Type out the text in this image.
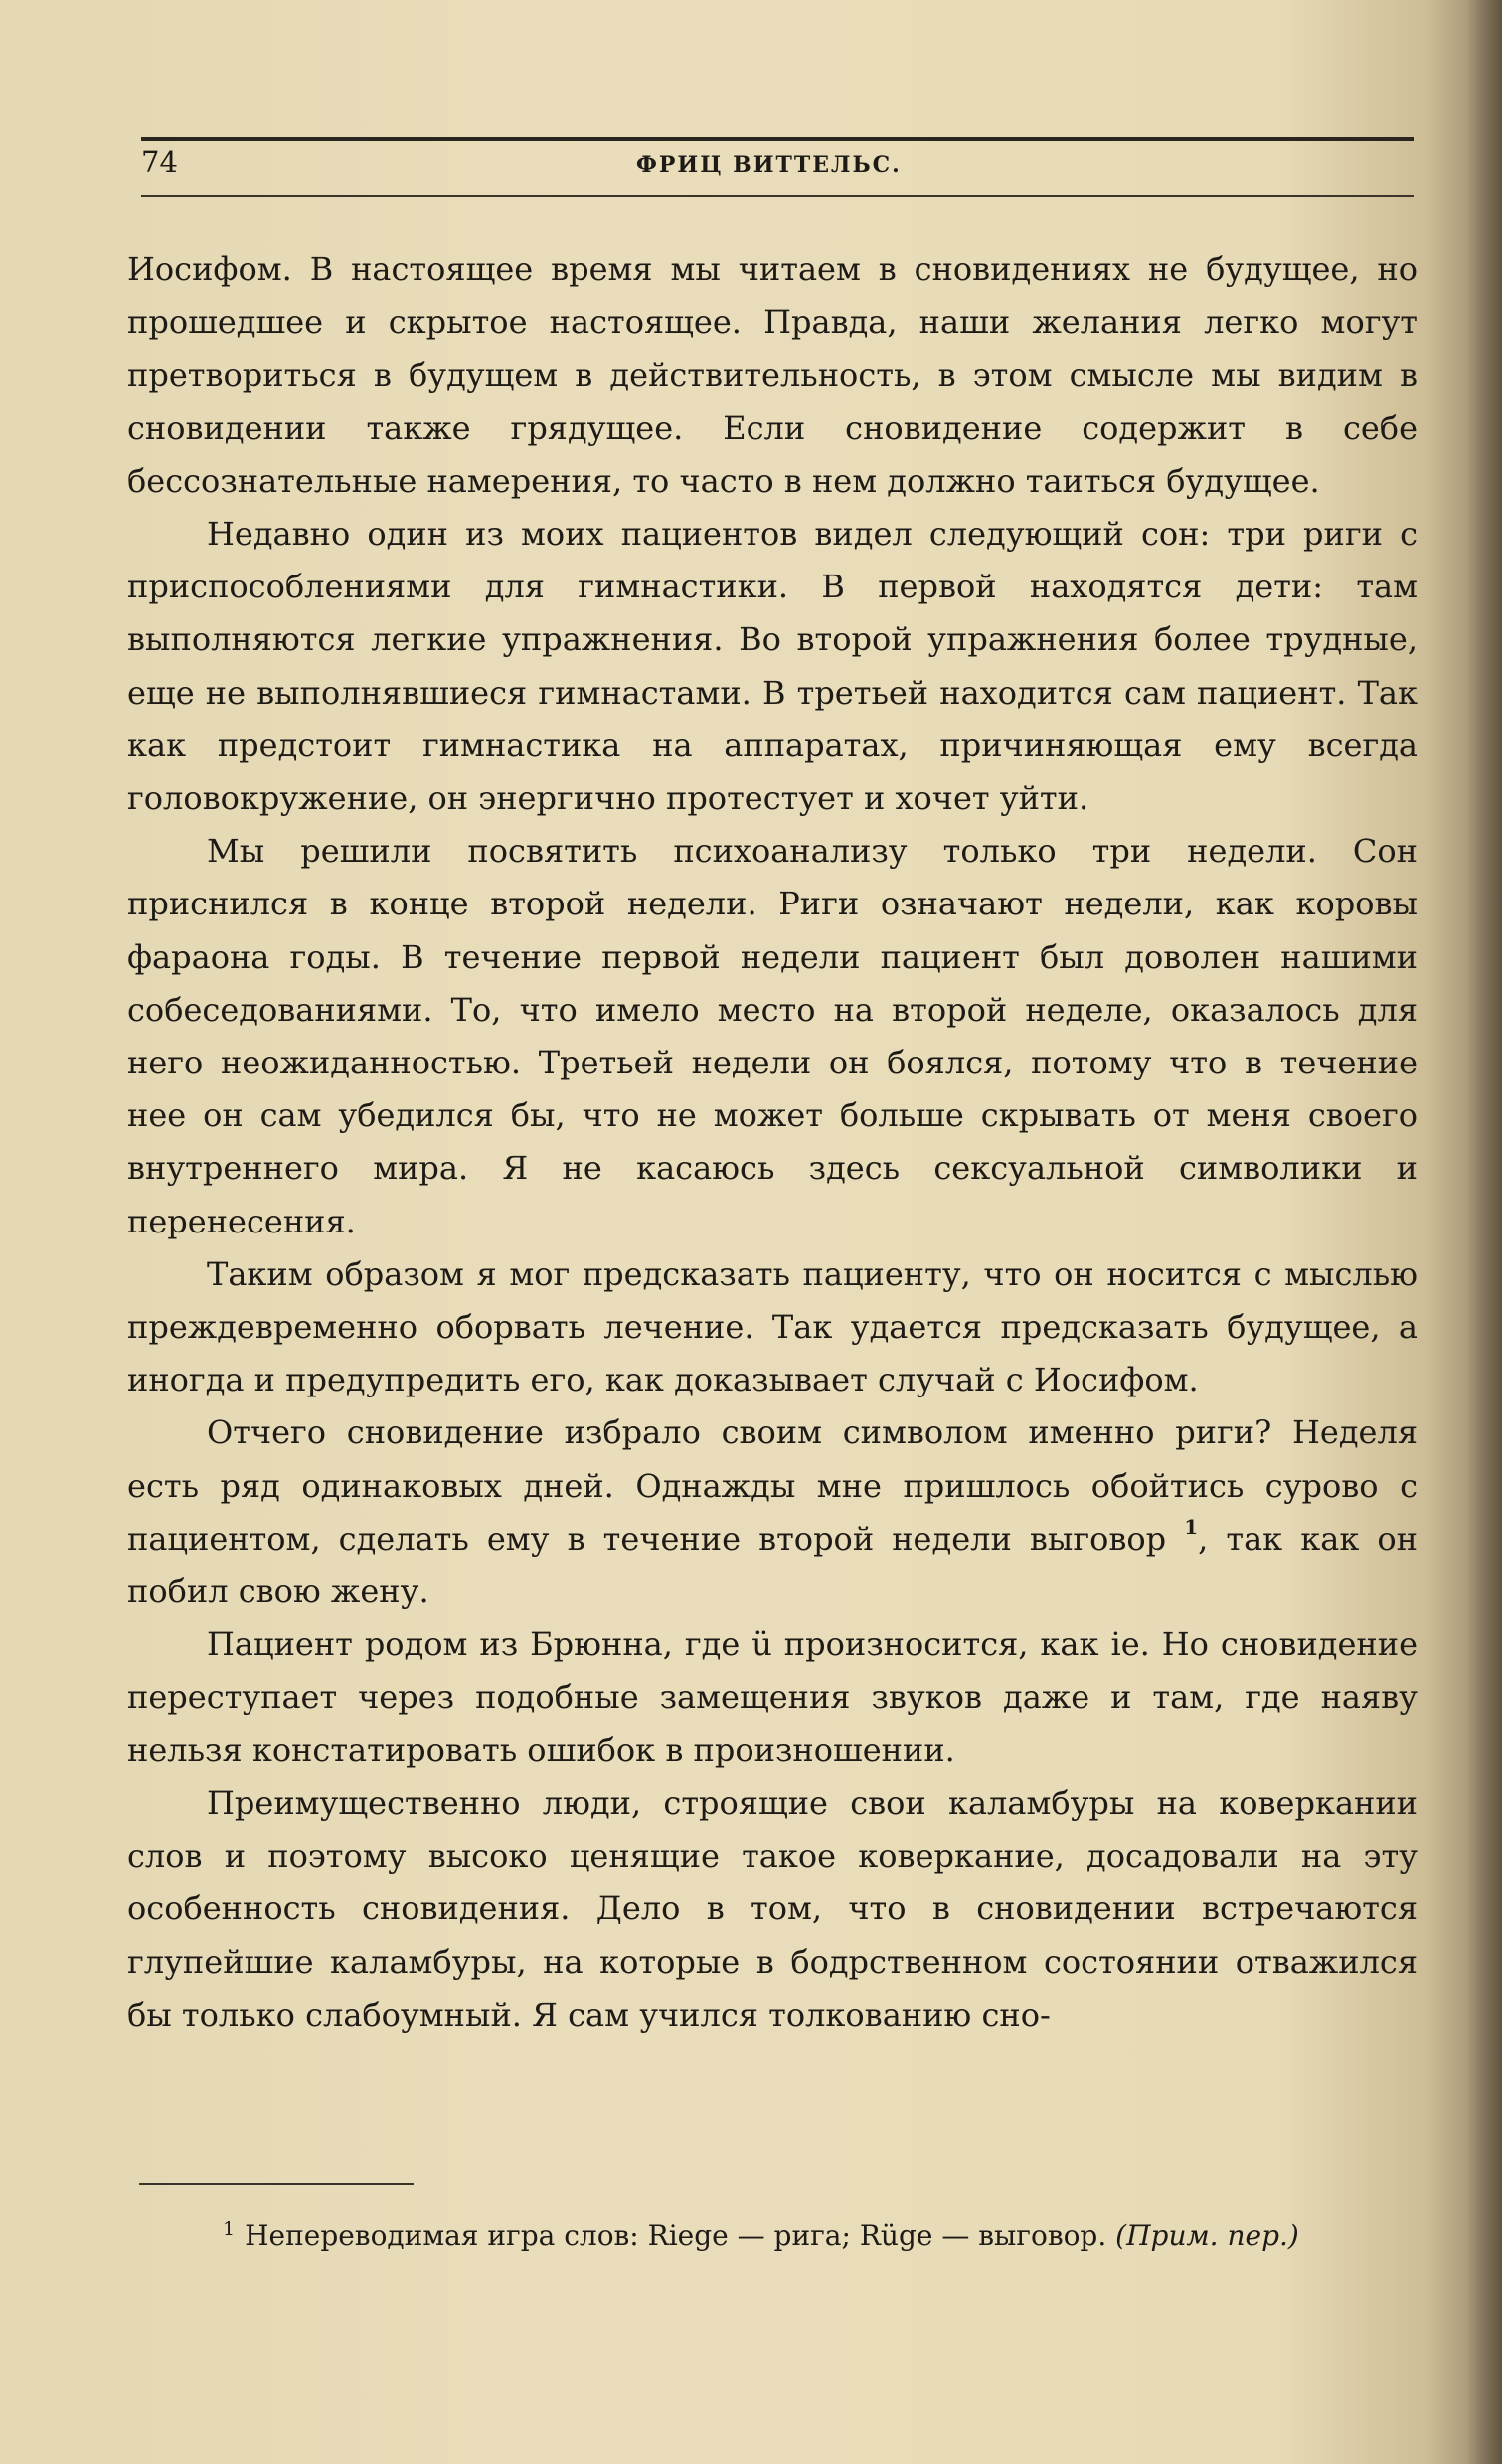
74	ФРИЦ ВИТТЕЛЬС.

Иосифом. В настоящее время мы читаем в сновидениях не будущее, но прошедшее и скрытое настоящее. Правда, наши желания легко могут претвориться в будущем в действительность, в этом смысле мы видим в сновидении также грядущее. Если сновидение содержит в себе бессознательные намерения, то часто в нем должно таиться будущее.

Недавно один из моих пациентов видел следующий сон: три риги с приспособлениями для гимнастики. В первой находятся дети: там выполняются легкие упражнения. Во второй упражнения более трудные, еще не выполнявшиеся гимнастами. В третьей находится сам пациент. Так как предстоит гимнастика на аппаратах, причиняющая ему всегда головокружение, он энергично протестует и хочет уйти.

Мы решили посвятить психоанализу только три недели. Сон приснился в конце второй недели. Риги означают недели, как коровы фараона годы. В течение первой недели пациент был доволен нашими собеседованиями. То, что имело место на второй неделе, оказалось для него неожиданностью. Третьей недели он боялся, потому что в течение нее он сам убедился бы, что не может больше скрывать от меня своего внутреннего мира. Я не касаюсь здесь сексуальной символики и перенесения.

Таким образом я мог предсказать пациенту, что он носится с мыслью преждевременно оборвать лечение. Так удается предсказать будущее, а иногда и предупредить его, как доказывает случай с Иосифом.

Отчего сновидение избрало своим символом именно риги? Неделя есть ряд одинаковых дней. Однажды мне пришлось обойтись сурово с пациентом, сделать ему в течение второй недели выговор $^1$, так как он побил свою жену.

Пациент родом из Брюнна, где ü произносится, как іе. Но сновидение переступает через подобные замещения звуков даже и там, где наяву нельзя констатировать ошибок в произношении.

Преимущественно люди, строящие свои каламбуры на коверкании слов и поэтому высоко ценящие такое коверкание, досадовали на эту особенность сновидения. Дело в том, что в сновидении встречаются глупейшие каламбуры, на которые в бодрственном состоянии отважился бы только слабоумный. Я сам учился толкованию сно-

$^1$ Непереводимая игра слов: Riege — рига; Rüge — выговор. (Прим. пер.)
